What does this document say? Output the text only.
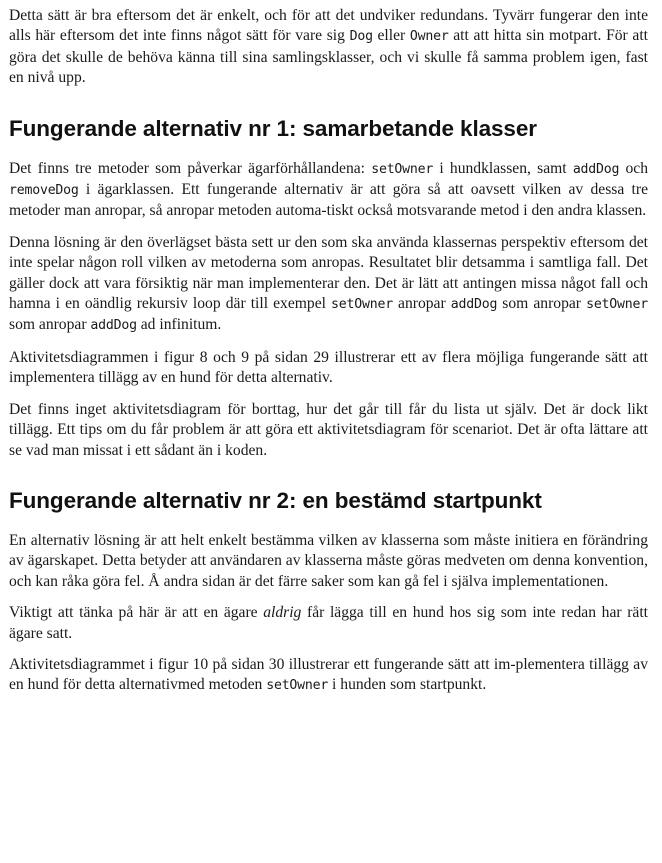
Detta sätt är bra eftersom det är enkelt, och för att det undviker redundans. Tyvärr fungerar den inte alls här eftersom det inte finns något sätt för vare sig Dog eller Owner att att hitta sin motpart. För att göra det skulle de behöva känna till sina samlingsklasser, och vi skulle få samma problem igen, fast en nivå upp.

Fungerande alternativ nr 1: samarbetande klasser

Det finns tre metoder som påverkar ägarförhållandena: setOwner i hundklassen, samt addDog och removeDog i ägarklassen. Ett fungerande alternativ är att göra så att oavsett vilken av dessa tre metoder man anropar, så anropar metoden automa-tiskt också motsvarande metod i den andra klassen.

Denna lösning är den överlägset bästa sett ur den som ska använda klassernas perspektiv eftersom det inte spelar någon roll vilken av metoderna som anropas. Resultatet blir detsamma i samtliga fall. Det gäller dock att vara försiktig när man implementerar den. Det är lätt att antingen missa något fall och hamna i en oändlig rekursiv loop där till exempel setOwner anropar addDog som anropar setOwner som anropar addDog ad infinitum.

Aktivitetsdiagrammen i figur 8 och 9 på sidan 29 illustrerar ett av flera möjliga fungerande sätt att implementera tillägg av en hund för detta alternativ.

Det finns inget aktivitetsdiagram för borttag, hur det går till får du lista ut själv. Det är dock likt tillägg. Ett tips om du får problem är att göra ett aktivitetsdiagram för scenariot. Det är ofta lättare att se vad man missat i ett sådant än i koden.

Fungerande alternativ nr 2: en bestämd startpunkt

En alternativ lösning är att helt enkelt bestämma vilken av klasserna som måste initiera en förändring av ägarskapet. Detta betyder att användaren av klasserna måste göras medveten om denna konvention, och kan råka göra fel. Å andra sidan är det färre saker som kan gå fel i själva implementationen.

Viktigt att tänka på här är att en ägare aldrig får lägga till en hund hos sig som inte redan har rätt ägare satt.

Aktivitetsdiagrammet i figur 10 på sidan 30 illustrerar ett fungerande sätt att im-plementera tillägg av en hund för detta alternativmed metoden setOwner i hunden som startpunkt.
